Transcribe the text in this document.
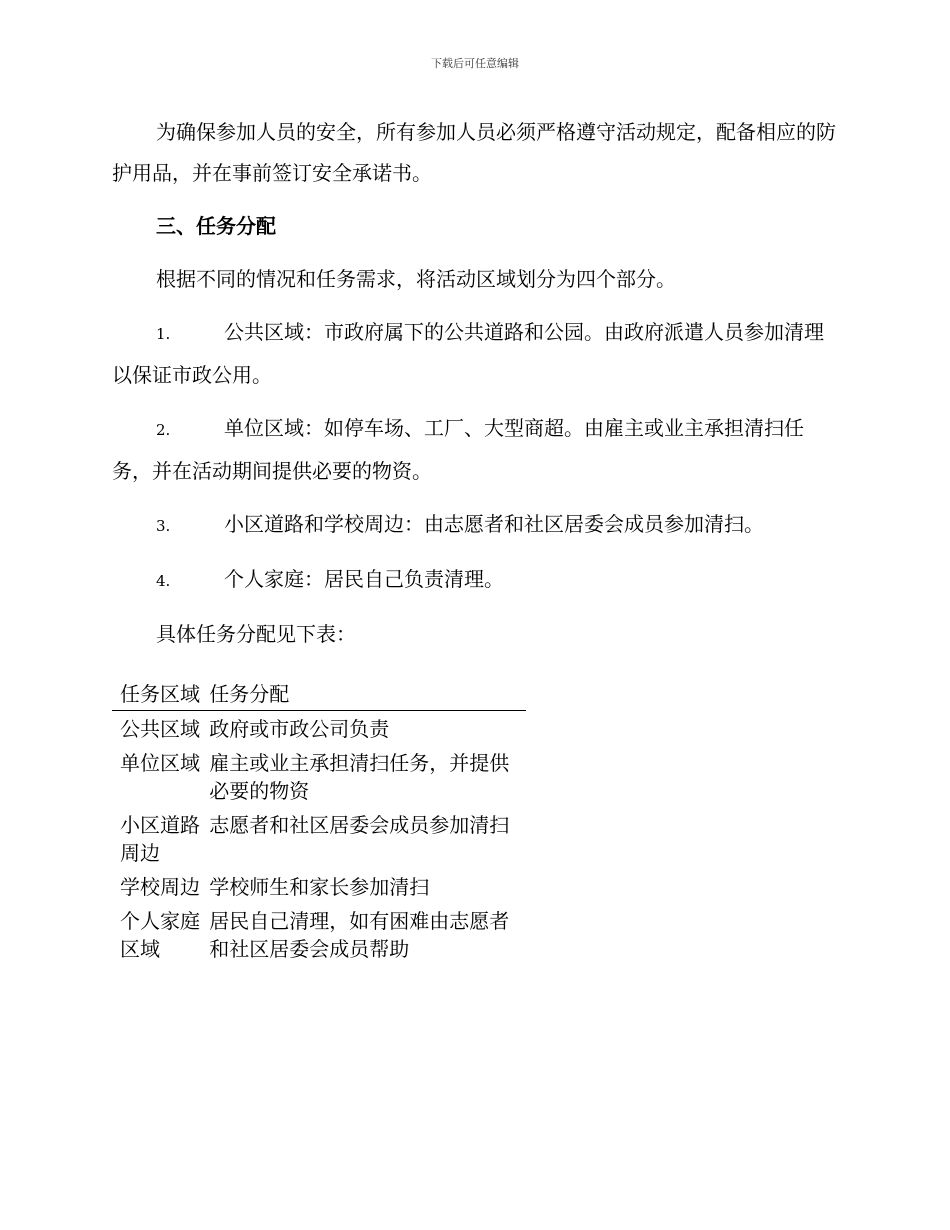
下载后可任意编辑

为确保参加人员的安全，所有参加人员必须严格遵守活动规定，配备相应的防护用品，并在事前签订安全承诺书。

三、任务分配

根据不同的情况和任务需求，将活动区域划分为四个部分。

1.	公共区域：市政府属下的公共道路和公园。由政府派遣人员参加清理以保证市政公用。

2.	单位区域：如停车场、工厂、大型商超。由雇主或业主承担清扫任务，并在活动期间提供必要的物资。

3.	小区道路和学校周边：由志愿者和社区居委会成员参加清扫。

4.	个人家庭：居民自己负责清理。

具体任务分配见下表：

任务区域	任务分配
公共区域	政府或市政公司负责
单位区域	雇主或业主承担清扫任务，并提供必要的物资
小区道路周边	志愿者和社区居委会成员参加清扫
学校周边	学校师生和家长参加清扫
个人家庭区域	居民自己清理，如有困难由志愿者和社区居委会成员帮助
